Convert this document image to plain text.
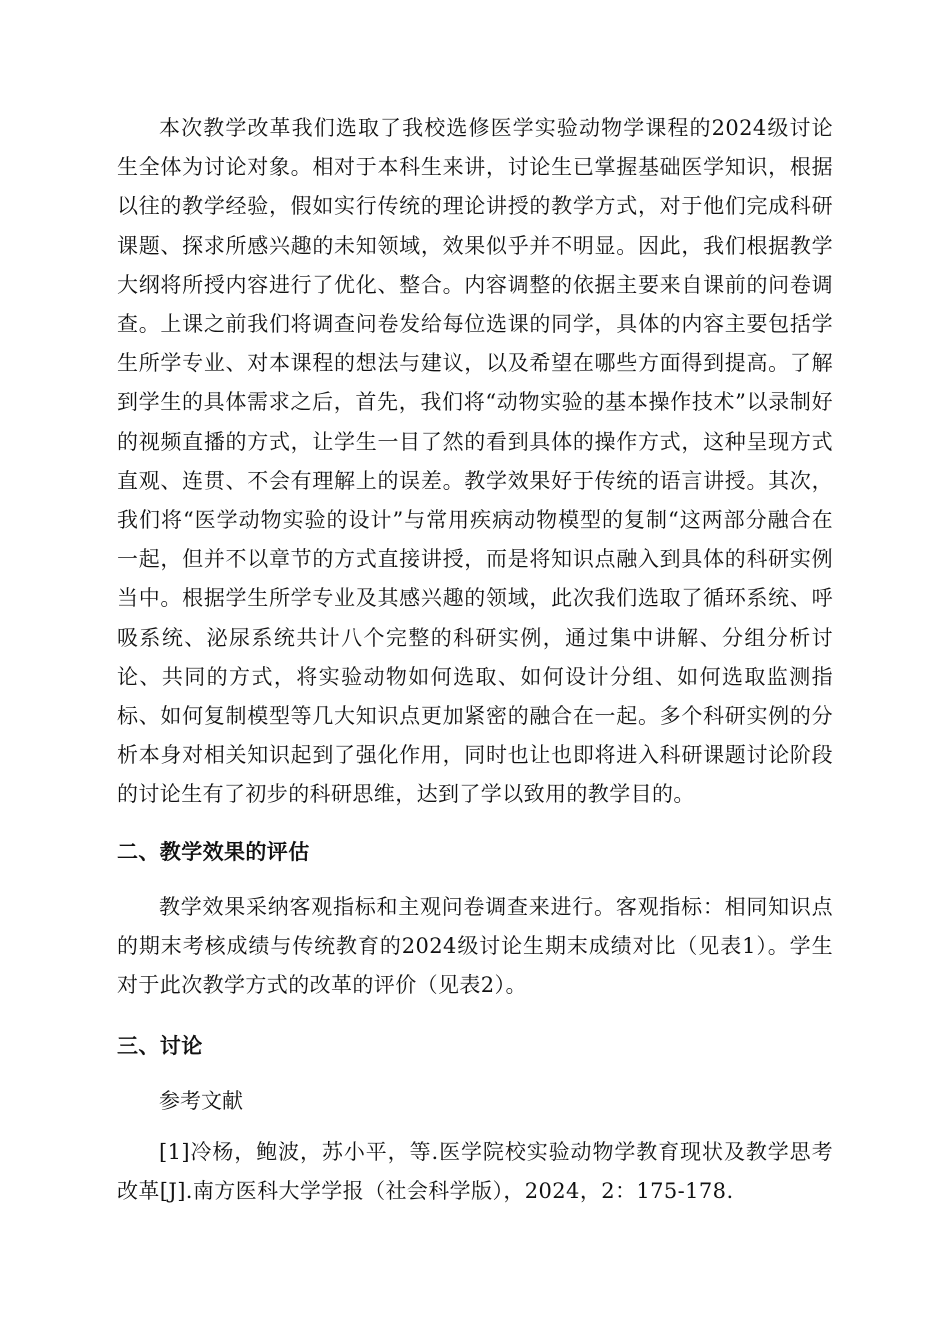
本次教学改革我们选取了我校选修医学实验动物学课程的2024级讨论生全体为讨论对象。相对于本科生来讲，讨论生已掌握基础医学知识，根据以往的教学经验，假如实行传统的理论讲授的教学方式，对于他们完成科研课题、探求所感兴趣的未知领域，效果似乎并不明显。因此，我们根据教学大纲将所授内容进行了优化、整合。内容调整的依据主要来自课前的问卷调查。上课之前我们将调查问卷发给每位选课的同学，具体的内容主要包括学生所学专业、对本课程的想法与建议，以及希望在哪些方面得到提高。了解到学生的具体需求之后，首先，我们将“动物实验的基本操作技术”以录制好的视频直播的方式，让学生一目了然的看到具体的操作方式，这种呈现方式直观、连贯、不会有理解上的误差。教学效果好于传统的语言讲授。其次，我们将“医学动物实验的设计”与常用疾病动物模型的复制“这两部分融合在一起，但并不以章节的方式直接讲授，而是将知识点融入到具体的科研实例当中。根据学生所学专业及其感兴趣的领域，此次我们选取了循环系统、呼吸系统、泌尿系统共计八个完整的科研实例，通过集中讲解、分组分析讨论、共同的方式，将实验动物如何选取、如何设计分组、如何选取监测指标、如何复制模型等几大知识点更加紧密的融合在一起。多个科研实例的分析本身对相关知识起到了强化作用，同时也让也即将进入科研课题讨论阶段的讨论生有了初步的科研思维，达到了学以致用的教学目的。

二、教学效果的评估

教学效果采纳客观指标和主观问卷调查来进行。客观指标：相同知识点的期末考核成绩与传统教育的2024级讨论生期末成绩对比（见表1）。学生对于此次教学方式的改革的评价（见表2）。

三、讨论

参考文献

[1]冷杨，鲍波，苏小平，等.医学院校实验动物学教育现状及教学思考改革[J].南方医科大学学报（社会科学版），2024，2：175-178.
